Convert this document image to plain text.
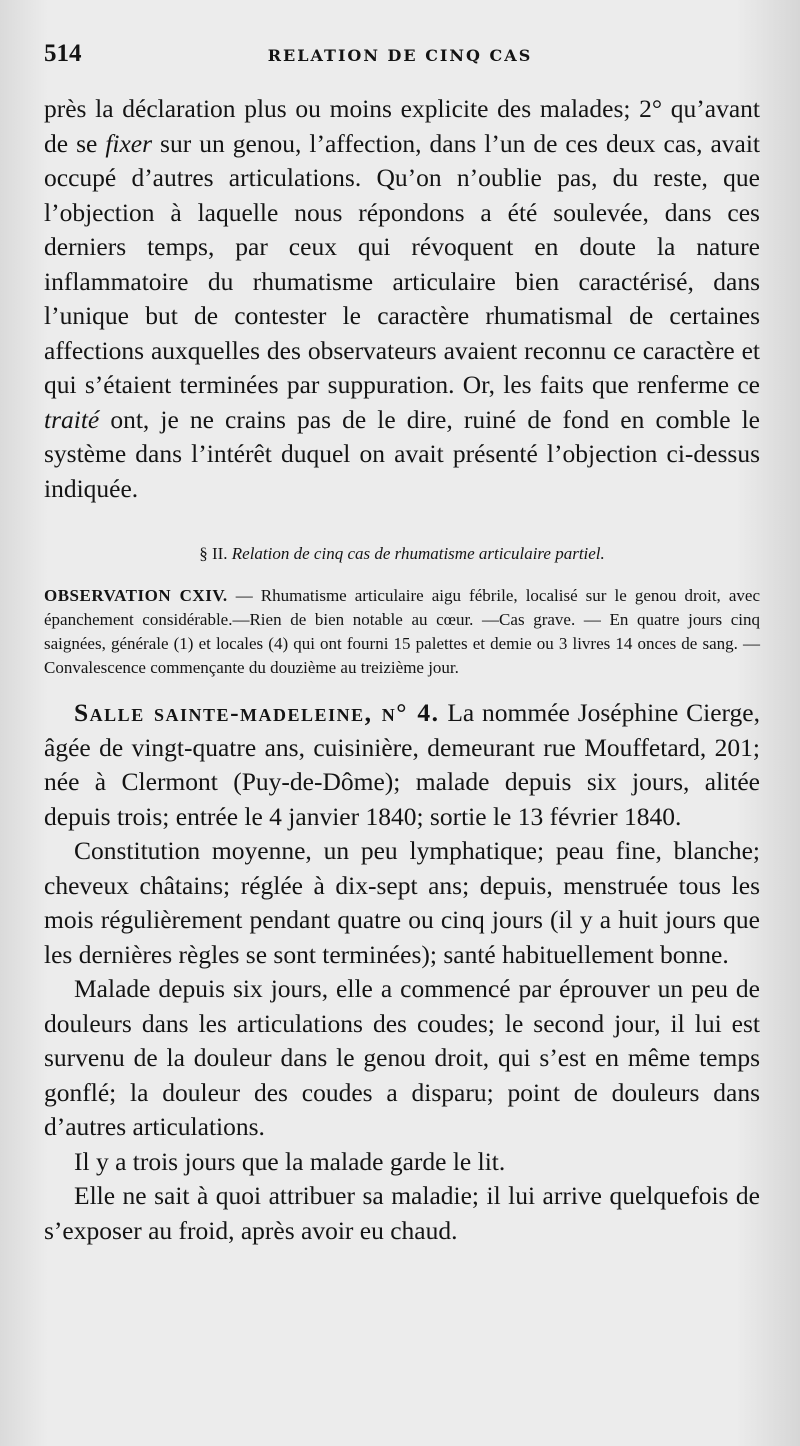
514	RELATION DE CINQ CAS

près la déclaration plus ou moins explicite des malades; 2° qu’avant de se fixer sur un genou, l’affection, dans l’un de ces deux cas, avait occupé d’autres articulations. Qu’on n’oublie pas, du reste, que l’objection à laquelle nous répondons a été soulevée, dans ces derniers temps, par ceux qui révoquent en doute la nature inflammatoire du rhumatisme articulaire bien caractérisé, dans l’unique but de contester le caractère rhumatismal de certaines affections auxquelles des observateurs avaient reconnu ce caractère et qui s’étaient terminées par suppuration. Or, les faits que renferme ce traité ont, je ne crains pas de le dire, ruiné de fond en comble le système dans l’intérêt duquel on avait présenté l’objection ci-dessus indiquée.

§ II. Relation de cinq cas de rhumatisme articulaire partiel.
OBSERVATION CXIV. — Rhumatisme articulaire aigu fébrile, localisé sur le genou droit, avec épanchement considérable.—Rien de bien notable au cœur. —Cas grave. — En quatre jours cinq saignées, générale (1) et locales (4) qui ont fourni 15 palettes et demie ou 3 livres 14 onces de sang. — Convalescence commençante du douzième au treizième jour.

Salle sainte-madeleine, n° 4. La nommée Joséphine Cierge, âgée de vingt-quatre ans, cuisinière, demeurant rue Mouffetard, 201; née à Clermont (Puy-de-Dôme); malade depuis six jours, alitée depuis trois; entrée le 4 janvier 1840; sortie le 13 février 1840.

Constitution moyenne, un peu lymphatique; peau fine, blanche; cheveux châtains; réglée à dix-sept ans; depuis, menstruée tous les mois régulièrement pendant quatre ou cinq jours (il y a huit jours que les dernières règles se sont terminées); santé habituellement bonne.

Malade depuis six jours, elle a commencé par éprouver un peu de douleurs dans les articulations des coudes; le second jour, il lui est survenu de la douleur dans le genou droit, qui s’est en même temps gonflé; la douleur des coudes a disparu; point de douleurs dans d’autres articulations.

Il y a trois jours que la malade garde le lit.

Elle ne sait à quoi attribuer sa maladie; il lui arrive quelquefois de s’exposer au froid, après avoir eu chaud.
